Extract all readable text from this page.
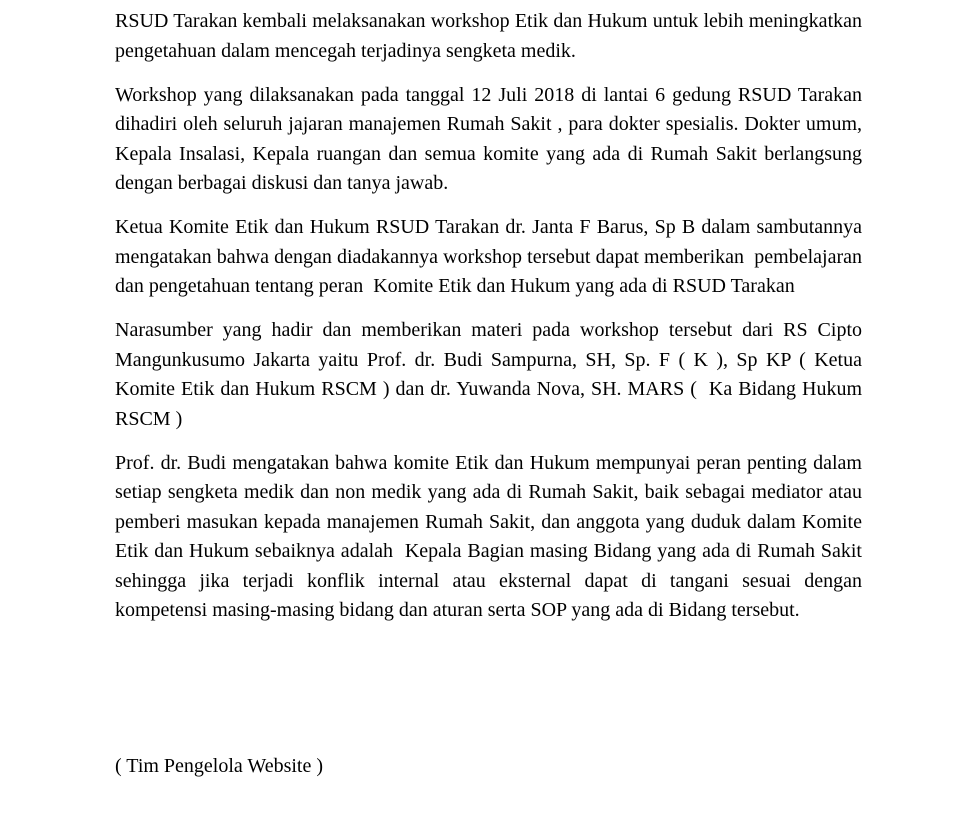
RSUD Tarakan kembali melaksanakan workshop Etik dan Hukum untuk lebih meningkatkan pengetahuan dalam mencegah terjadinya sengketa medik.

Workshop yang dilaksanakan pada tanggal 12 Juli 2018 di lantai 6 gedung RSUD Tarakan dihadiri oleh seluruh jajaran manajemen Rumah Sakit , para dokter spesialis. Dokter umum, Kepala Insalasi, Kepala ruangan dan semua komite yang ada di Rumah Sakit berlangsung dengan berbagai diskusi dan tanya jawab.

Ketua Komite Etik dan Hukum RSUD Tarakan dr. Janta F Barus, Sp B dalam sambutannya mengatakan bahwa dengan diadakannya workshop tersebut dapat memberikan  pembelajaran dan pengetahuan tentang peran  Komite Etik dan Hukum yang ada di RSUD Tarakan

Narasumber yang hadir dan memberikan materi pada workshop tersebut dari RS Cipto Mangunkusumo Jakarta yaitu Prof. dr. Budi Sampurna, SH, Sp. F ( K ), Sp KP ( Ketua Komite Etik dan Hukum RSCM ) dan dr. Yuwanda Nova, SH. MARS (  Ka Bidang Hukum RSCM )

Prof. dr. Budi mengatakan bahwa komite Etik dan Hukum mempunyai peran penting dalam setiap sengketa medik dan non medik yang ada di Rumah Sakit, baik sebagai mediator atau pemberi masukan kepada manajemen Rumah Sakit, dan anggota yang duduk dalam Komite Etik dan Hukum sebaiknya adalah  Kepala Bagian masing Bidang yang ada di Rumah Sakit sehingga jika terjadi konflik internal atau eksternal dapat di tangani sesuai dengan kompetensi masing-masing bidang dan aturan serta SOP yang ada di Bidang tersebut.

( Tim Pengelola Website )
